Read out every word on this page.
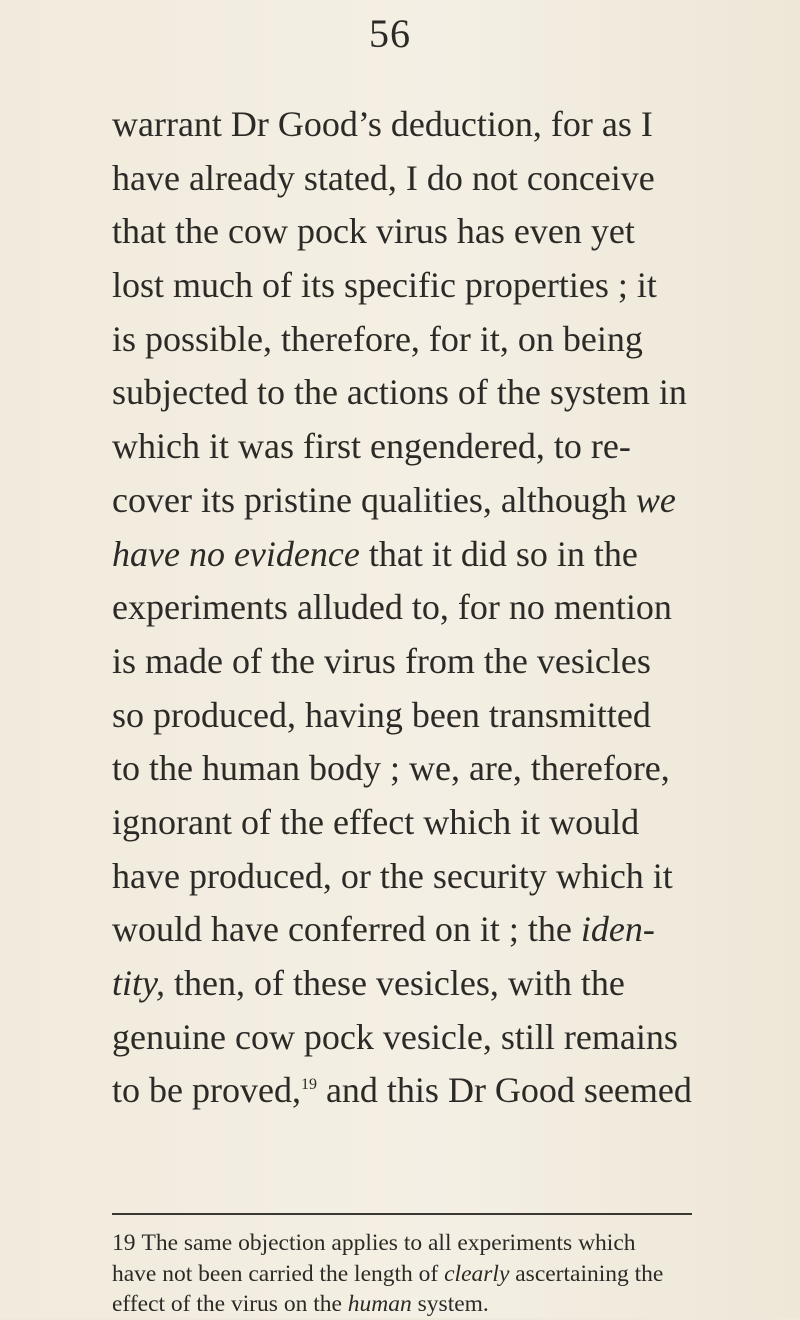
56
warrant Dr Good’s deduction, for as I
have already stated, I do not conceive
that the cow pock virus has even yet
lost much of its specific properties ; it
is possible, therefore, for it, on being
subjected to the actions of the system in
which it was first engendered, to re-
cover its pristine qualities, although we
have no evidence that it did so in the
experiments alluded to, for no mention
is made of the virus from the vesicles
so produced, having been transmitted
to the human body ; we, are, therefore,
ignorant of the effect which it would
have produced, or the security which it
would have conferred on it ; the iden-
tity, then, of these vesicles, with the
genuine cow pock vesicle, still remains
to be proved,$^{19}$ and this Dr Good seemed
19 The same objection applies to all experiments which
have not been carried the length of clearly ascertaining the
effect of the virus on the human system.
